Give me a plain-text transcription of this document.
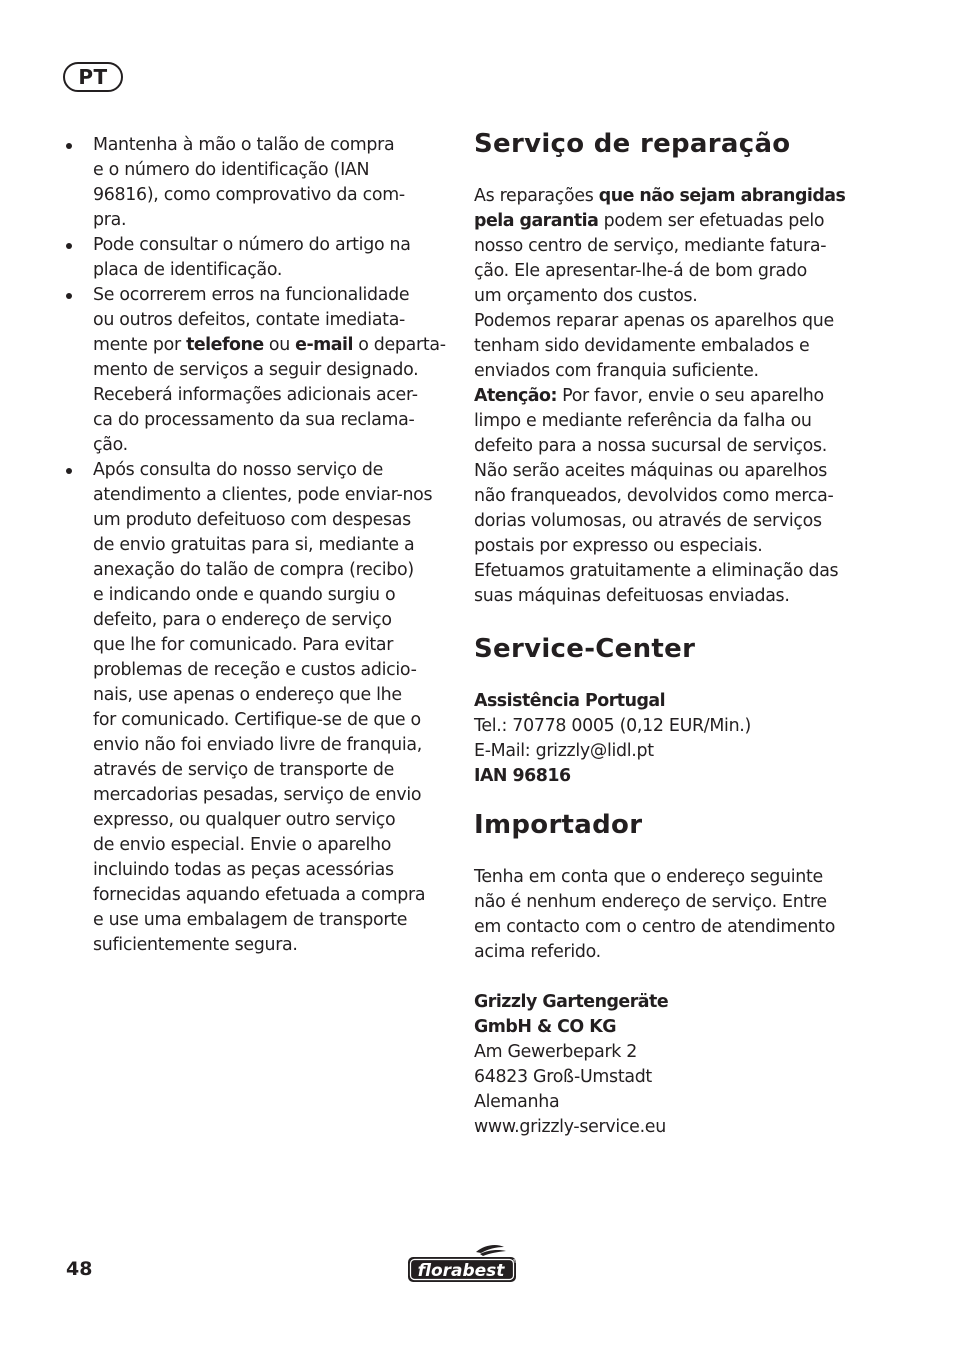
PT
Mantenha à mão o talão de compra
e o número do identificação (IAN
96816), como comprovativo da com-
pra.
Pode consultar o número do artigo na
placa de identificação.
Se ocorrerem erros na funcionalidade
ou outros defeitos, contate imediata-
mente por telefone ou e-mail o departa-
mento de serviços a seguir designado.
Receberá informações adicionais acer-
ca do processamento da sua reclama-
ção.
Após consulta do nosso serviço de
atendimento a clientes, pode enviar-nos
um produto defeituoso com despesas
de envio gratuitas para si, mediante a
anexação do talão de compra (recibo)
e indicando onde e quando surgiu o
defeito, para o endereço de serviço
que lhe for comunicado. Para evitar
problemas de receção e custos adicio-
nais, use apenas o endereço que lhe
for comunicado. Certifique-se de que o
envio não foi enviado livre de franquia,
através de serviço de transporte de
mercadorias pesadas, serviço de envio
expresso, ou qualquer outro serviço
de envio especial. Envie o aparelho
incluindo todas as peças acessórias
fornecidas aquando efetuada a compra
e use uma embalagem de transporte
suficientemente segura.
Serviço de reparação
As reparações que não sejam abrangidas
pela garantia podem ser efetuadas pelo
nosso centro de serviço, mediante fatura-
ção. Ele apresentar-lhe-á de bom grado
um orçamento dos custos.
Podemos reparar apenas os aparelhos que
tenham sido devidamente embalados e
enviados com franquia suficiente.
Atenção: Por favor, envie o seu aparelho
limpo e mediante referência da falha ou
defeito para a nossa sucursal de serviços.
Não serão aceites máquinas ou aparelhos
não franqueados, devolvidos como merca-
dorias volumosas, ou através de serviços
postais por expresso ou especiais.
Efetuamos gratuitamente a eliminação das
suas máquinas defeituosas enviadas.
Service-Center
Assistência Portugal
Tel.: 70778 0005 (0,12 EUR/Min.)
E-Mail: grizzly@lidl.pt
IAN 96816
Importador
Tenha em conta que o endereço seguinte
não é nenhum endereço de serviço. Entre
em contacto com o centro de atendimento
acima referido.
Grizzly Gartengeräte
GmbH & CO KG
Am Gewerbepark 2
64823 Groß-Umstadt
Alemanha
www.grizzly-service.eu
48	florabest ®
